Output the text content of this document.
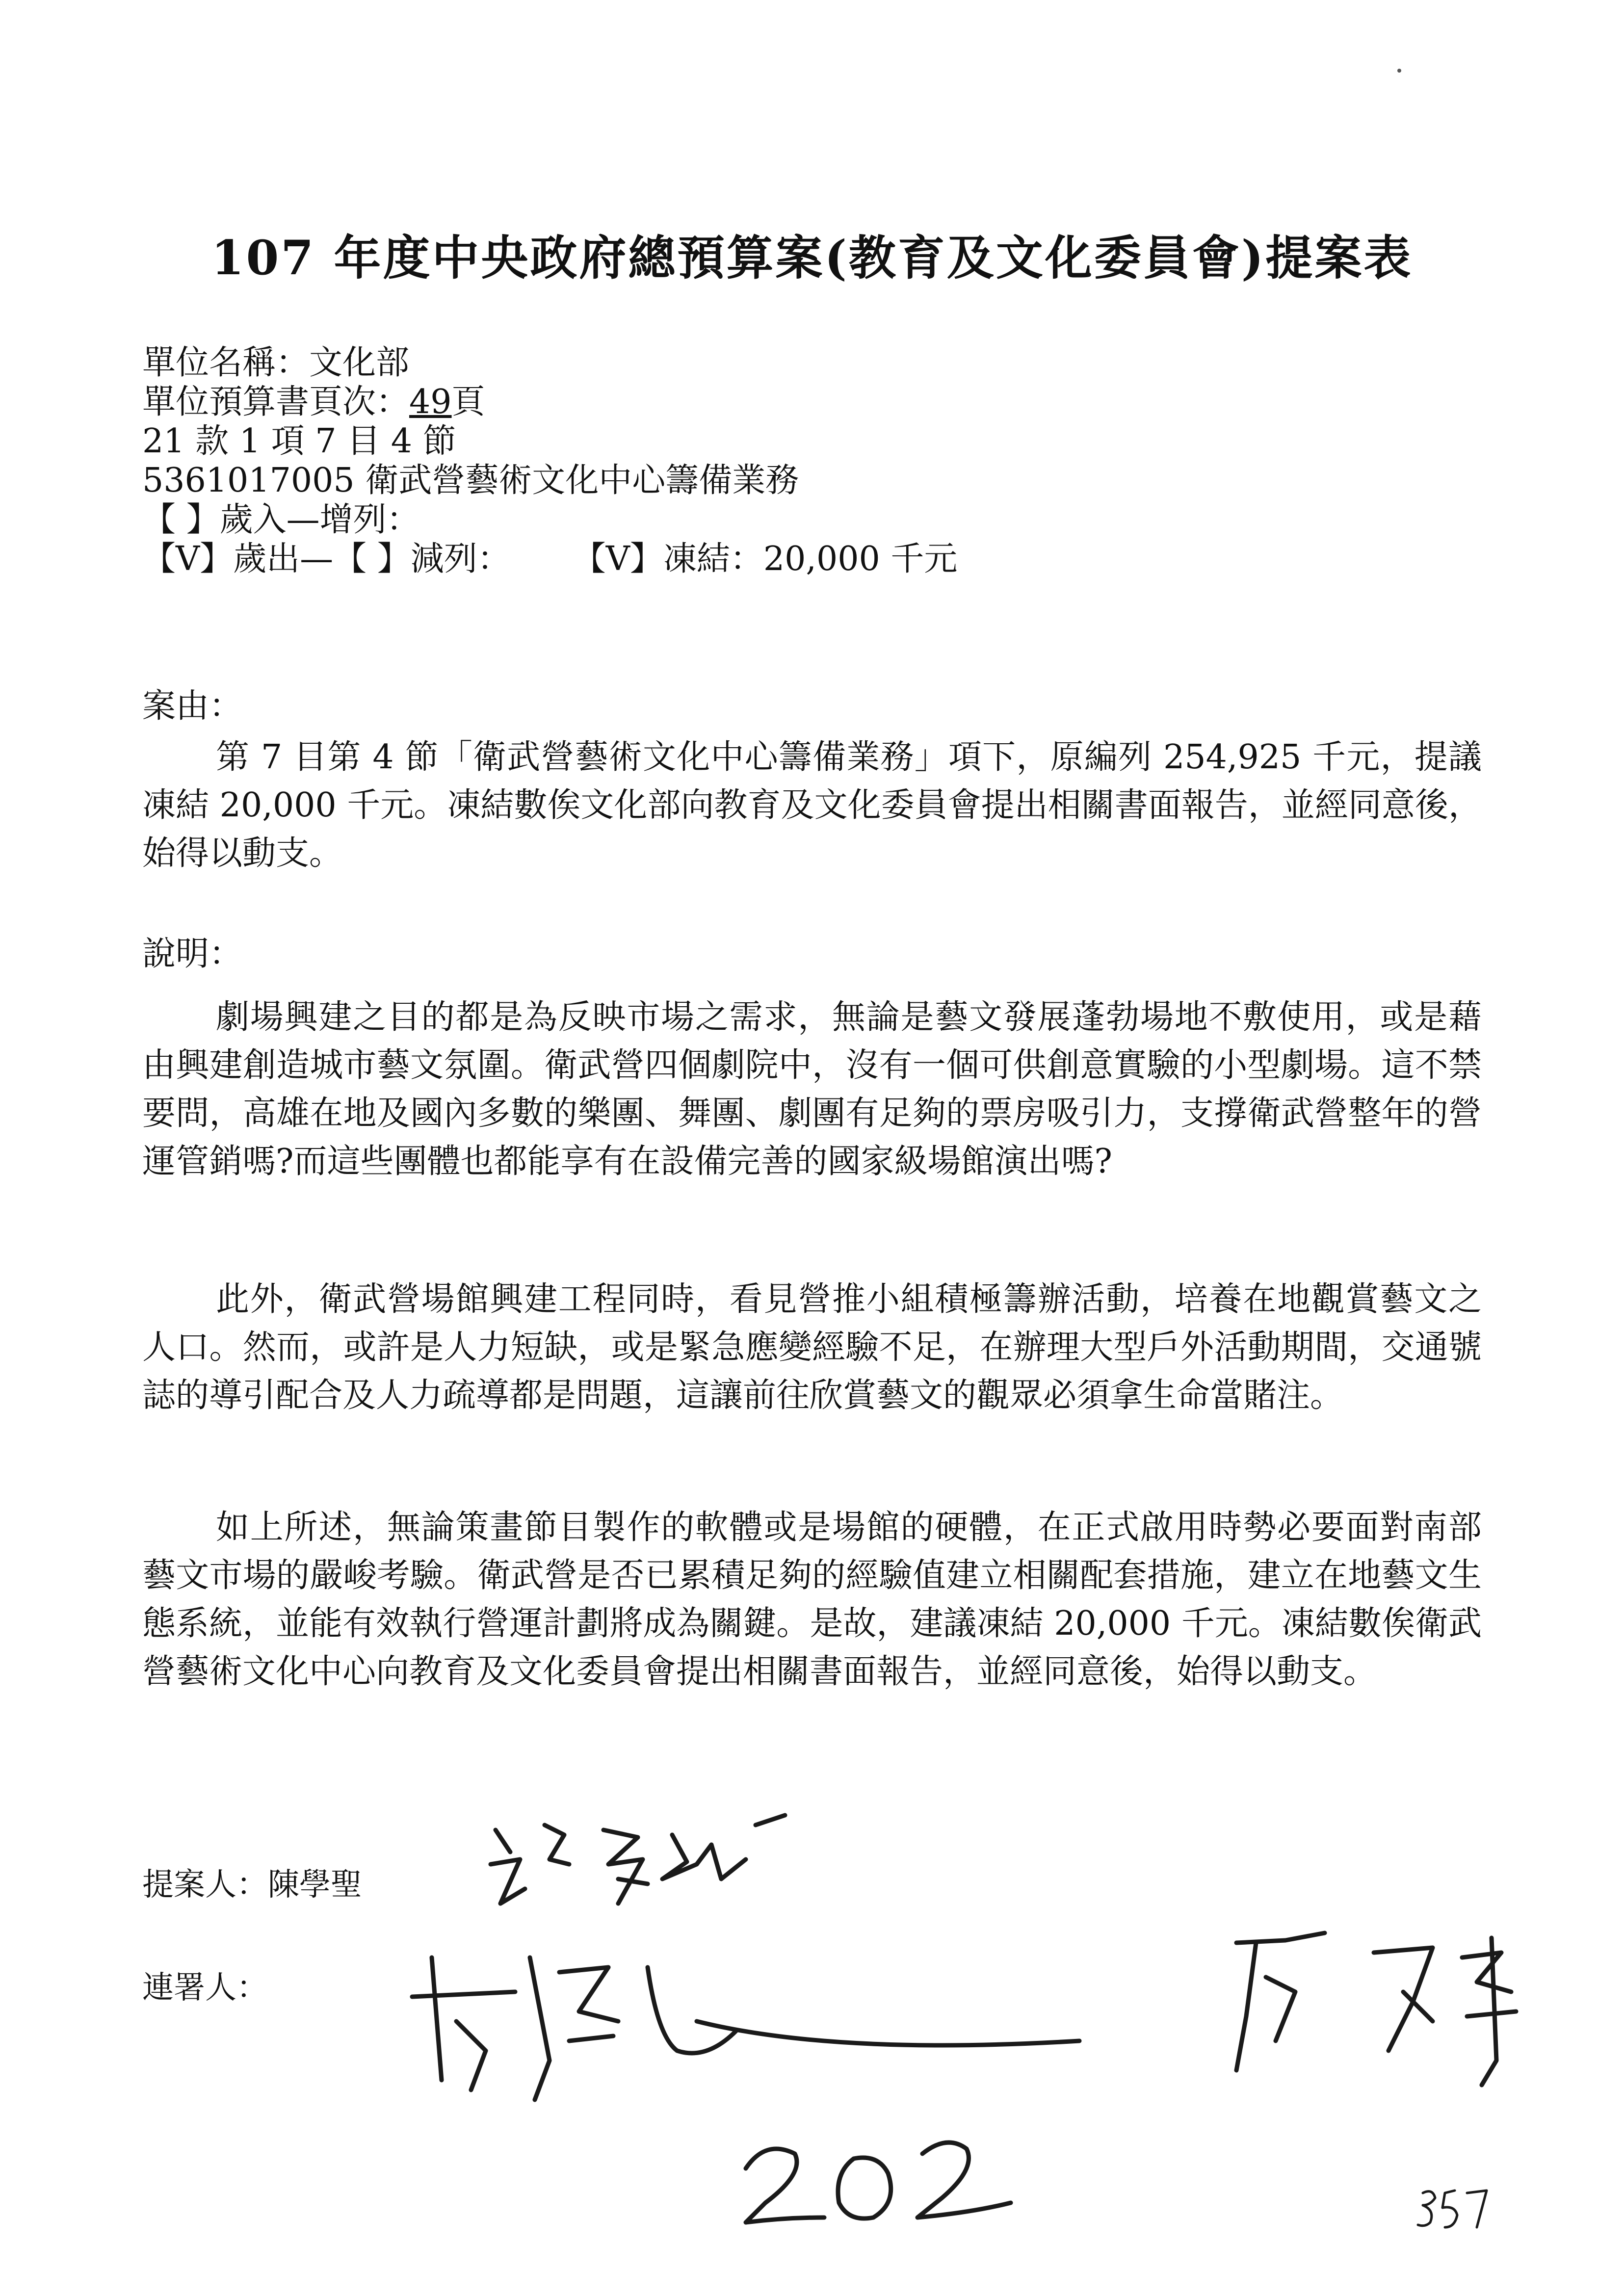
107 年度中央政府總預算案(教育及文化委員會)提案表
單位名稱：文化部
單位預算書頁次：49頁
21 款 1 項 7 目 4 節
5361017005 衛武營藝術文化中心籌備業務
【 】歲入—增列：
【V】歲出—【 】減列： 【V】凍結：20,000 千元
案由：

第 7 目第 4 節「衛武營藝術文化中心籌備業務」項下，原編列 254,925 千元，提議凍結 20,000 千元。凍結數俟文化部向教育及文化委員會提出相關書面報告，並經同意後，始得以動支。

說明：

劇場興建之目的都是為反映市場之需求，無論是藝文發展蓬勃場地不敷使用，或是藉由興建創造城市藝文氛圍。衛武營四個劇院中，沒有一個可供創意實驗的小型劇場。這不禁要問，高雄在地及國內多數的樂團、舞團、劇團有足夠的票房吸引力，支撐衛武營整年的營運管銷嗎?而這些團體也都能享有在設備完善的國家級場館演出嗎?

此外，衛武營場館興建工程同時，看見營推小組積極籌辦活動，培養在地觀賞藝文之人口。然而，或許是人力短缺，或是緊急應變經驗不足，在辦理大型戶外活動期間，交通號誌的導引配合及人力疏導都是問題，這讓前往欣賞藝文的觀眾必須拿生命當賭注。

如上所述，無論策畫節目製作的軟體或是場館的硬體，在正式啟用時勢必要面對南部藝文市場的嚴峻考驗。衛武營是否已累積足夠的經驗值建立相關配套措施，建立在地藝文生態系統，並能有效執行營運計劃將成為關鍵。是故，建議凍結 20,000 千元。凍結數俟衛武營藝術文化中心向教育及文化委員會提出相關書面報告，並經同意後，始得以動支。

提案人：陳學聖
連署人：
